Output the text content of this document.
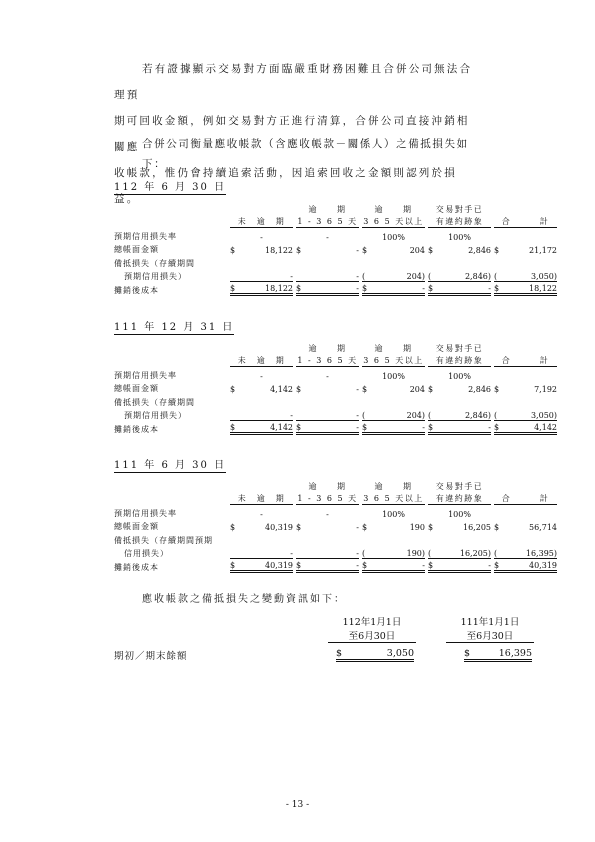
若有證據顯示交易對方面臨嚴重財務困難且合併公司無法合理預
期可回收金額，例如交易對方正進行清算，合併公司直接沖銷相關應
收帳款，惟仍會持續追索活動，因追索回收之金額則認列於損益。

合併公司衡量應收帳款（含應收帳款－關係人）之備抵損失如下：

112 年 6 月 30 日

			逾　　期		逾　　期		交易對手已		

	未　逾　期		1 - 3 6 5 天		3 6 5 天以上		有違約跡象		合　　　計

預期信用損失率	-		-		100%		100%		

總帳面金額	$ 18,122		$ -		$ 204		$ 2,846		$ 21,172

備抵損失（存續期間									
預期信用損失）	-		-		( 204)		( 2,846)		( 3,050)

攤銷後成本	$ 18,122		$ -		$ -		$ -		$ 18,122

111 年 12 月 31 日

			逾　　期		逾　　期		交易對手已		

	未　逾　期		1 - 3 6 5 天		3 6 5 天以上		有違約跡象		合　　　計

預期信用損失率	-		-		100%		100%		

總帳面金額	$ 4,142		$ -		$ 204		$ 2,846		$ 7,192

備抵損失（存續期間									
預期信用損失）	-		-		( 204)		( 2,846)		( 3,050)

攤銷後成本	$ 4,142		$ -		$ -		$ -		$ 4,142

111 年 6 月 30 日

			逾　　期		逾　　期		交易對手已		

	未　逾　期		1 - 3 6 5 天		3 6 5 天以上		有違約跡象		合　　　計

預期信用損失率	-		-		100%		100%		

總帳面金額	$ 40,319		$ -		$ 190		$ 16,205		$ 56,714

備抵損失（存續期間預期									
信用損失）	-		-		( 190)		( 16,205)		( 16,395)

攤銷後成本	$ 40,319		$ -		$ -		$ -		$ 40,319

應收帳款之備抵損失之變動資訊如下：

112年1月1日

至6月30日
111年1月1日

至6月30日
期初／期末餘額	$	3,050	$	16,395
- 13 -
